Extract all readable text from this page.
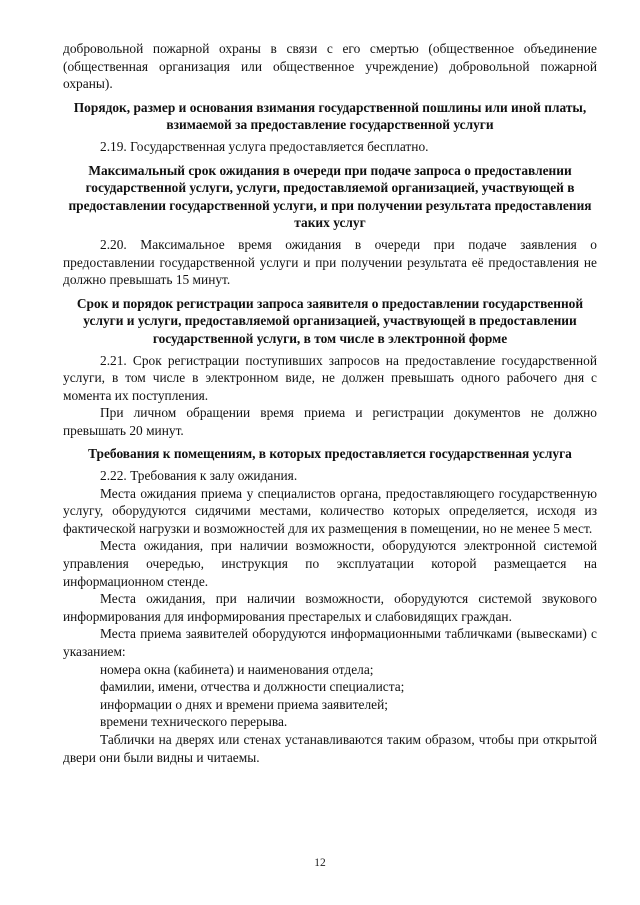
добровольной пожарной охраны в связи с его смертью (общественное объединение (общественная организация или общественное учреждение) добровольной пожарной охраны).

Порядок, размер и основания взимания государственной пошлины или иной платы, взимаемой за предоставление государственной услуги

2.19. Государственная услуга предоставляется бесплатно.

Максимальный срок ожидания в очереди при подаче запроса о предоставлении государственной услуги, услуги, предоставляемой организацией, участвующей в предоставлении государственной услуги, и при получении результата предоставления таких услуг

2.20. Максимальное время ожидания в очереди при подаче заявления о предоставлении государственной услуги и при получении результата её предоставления не должно превышать 15 минут.

Срок и порядок регистрации запроса заявителя о предоставлении государственной услуги и услуги, предоставляемой организацией, участвующей в предоставлении государственной услуги, в том числе в электронной форме

2.21. Срок регистрации поступивших запросов на предоставление государственной услуги, в том числе в электронном виде, не должен превышать одного рабочего дня с момента их поступления.

При личном обращении время приема и регистрации документов не должно превышать 20 минут.

Требования к помещениям, в которых предоставляется государственная услуга

2.22. Требования к залу ожидания.

Места ожидания приема у специалистов органа, предоставляющего государственную услугу, оборудуются сидячими местами, количество которых определяется, исходя из фактической нагрузки и возможностей для их размещения в помещении, но не менее 5 мест.

Места ожидания, при наличии возможности, оборудуются электронной системой управления очередью, инструкция по эксплуатации которой размещается на информационном стенде.

Места ожидания, при наличии возможности, оборудуются системой звукового информирования для информирования престарелых и слабовидящих граждан.

Места приема заявителей оборудуются информационными табличками (вывесками) с указанием:

номера окна (кабинета) и наименования отдела;

фамилии, имени, отчества и должности специалиста;

информации о днях и времени приема заявителей;

времени технического перерыва.

Таблички на дверях или стенах устанавливаются таким образом, чтобы при открытой двери они были видны и читаемы.

12
